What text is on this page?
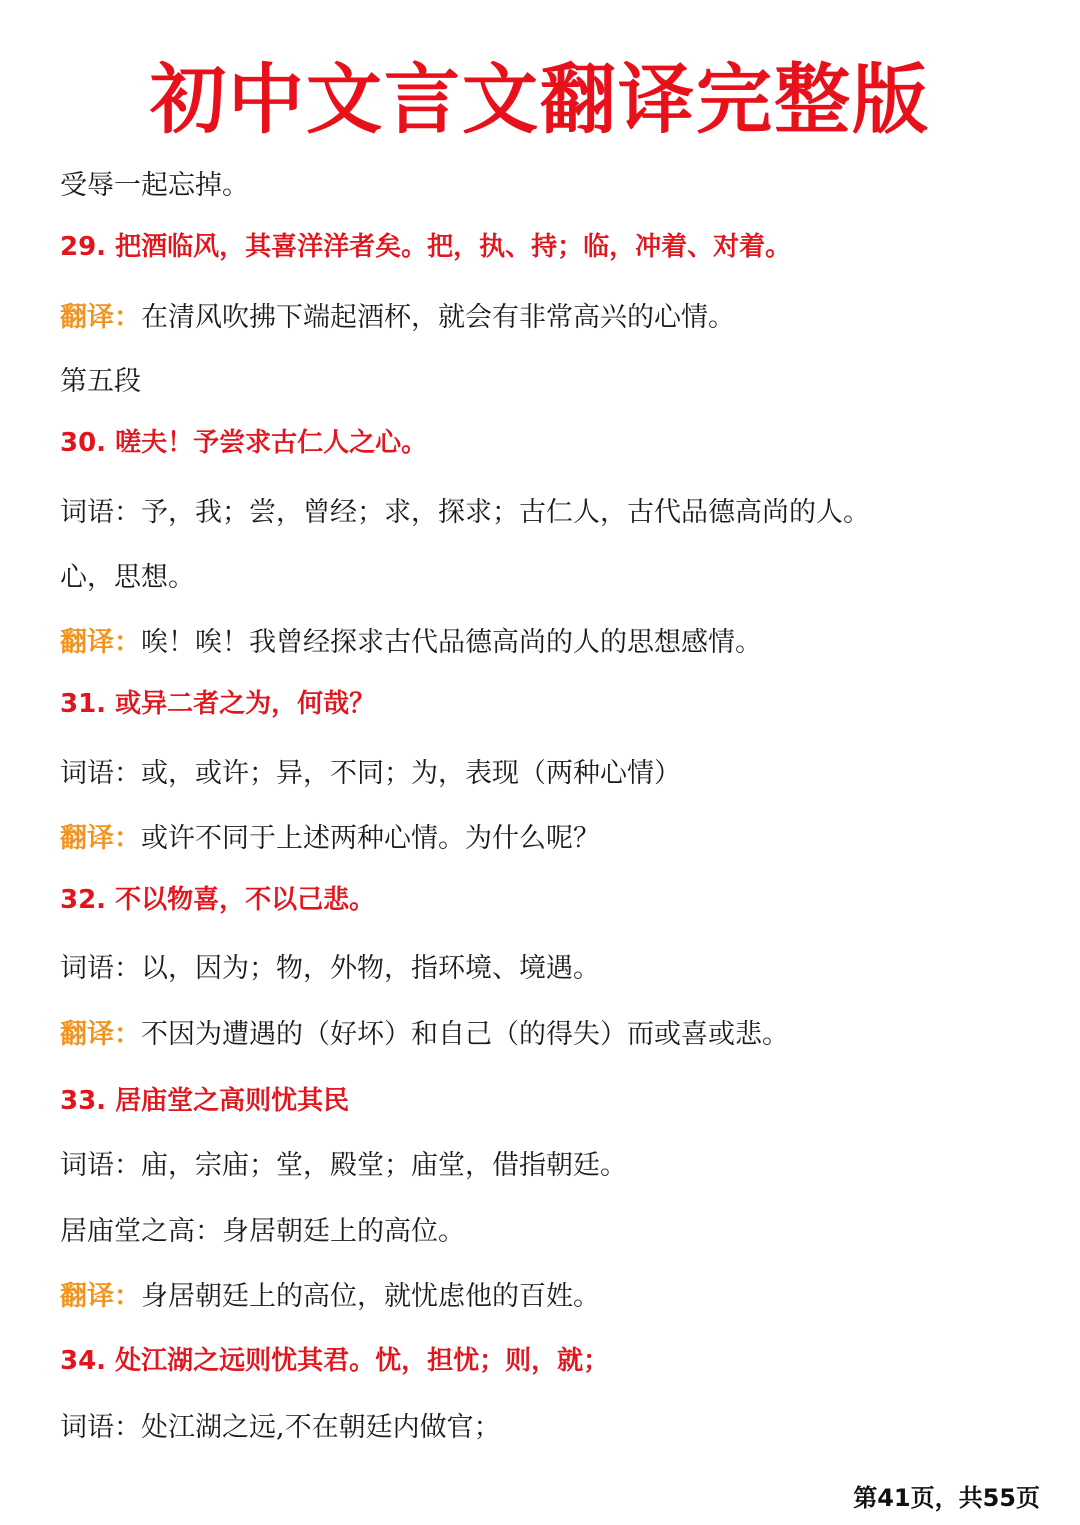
初中文言文翻译完整版
受辱一起忘掉。
29. 把酒临风，其喜洋洋者矣。把，执、持；临，冲着、对着。
翻译：在清风吹拂下端起酒杯，就会有非常高兴的心情。
第五段
30. 嗟夫！予尝求古仁人之心。
词语：予，我；尝，曾经；求，探求；古仁人，古代品德高尚的人。
心，思想。
翻译：唉！唉！我曾经探求古代品德高尚的人的思想感情。
31. 或异二者之为，何哉？
词语：或，或许；异，不同；为，表现（两种心情）
翻译：或许不同于上述两种心情。为什么呢？
32. 不以物喜，不以己悲。
词语：以，因为；物，外物，指环境、境遇。
翻译：不因为遭遇的（好坏）和自己（的得失）而或喜或悲。
33. 居庙堂之高则忧其民
词语：庙，宗庙；堂，殿堂；庙堂，借指朝廷。
居庙堂之高：身居朝廷上的高位。
翻译：身居朝廷上的高位，就忧虑他的百姓。
34. 处江湖之远则忧其君。忧，担忧；则，就；
词语：处江湖之远,不在朝廷内做官；
第41页，共55页
